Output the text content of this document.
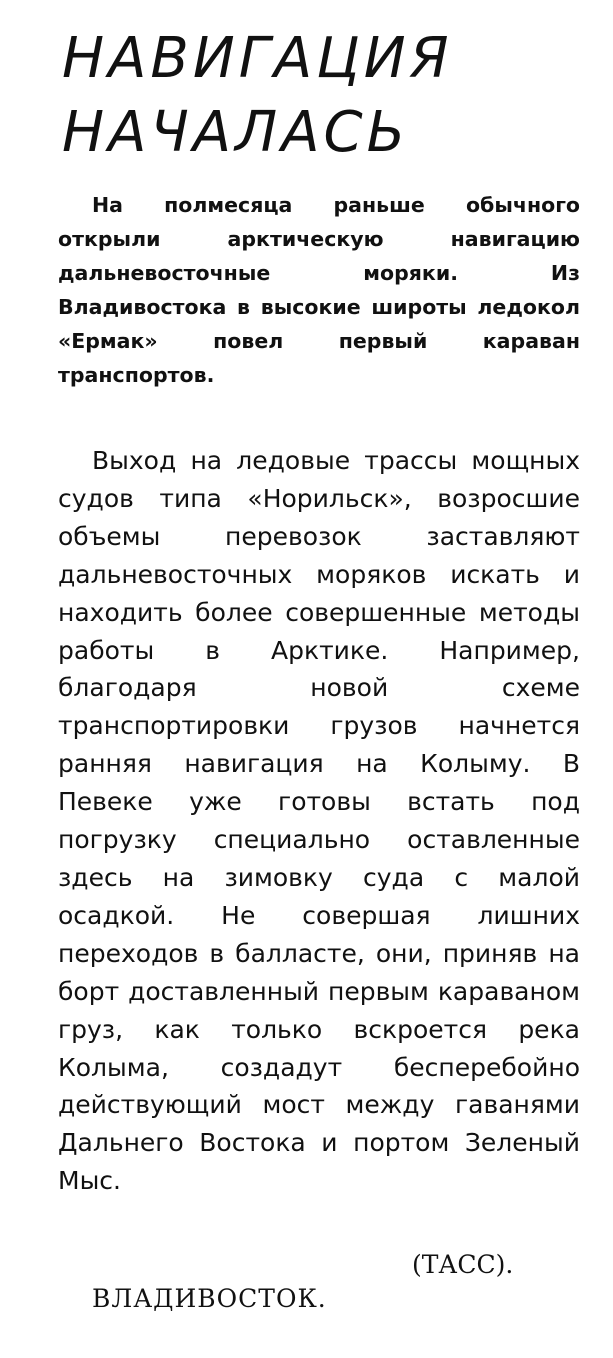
НАВИГАЦИЯ
НАЧАЛАСЬ

На полмесяца раньше обычного открыли арктическую навигацию дальневосточные моряки. Из Владивостока в высокие широты ледокол «Ермак» повел первый караван транспортов.

Выход на ледовые трассы мощных судов типа «Норильск», возросшие объемы перевозок заставляют дальневосточных моряков искать и находить более совершенные методы работы в Арктике. Например, благодаря новой схеме транспортировки грузов начнется ранняя навигация на Колыму. В Певеке уже готовы встать под погрузку специально оставленные здесь на зимовку суда с малой осадкой. Не совершая лишних переходов в балласте, они, приняв на борт доставленный первым караваном груз, как только вскроется река Колыма, создадут бесперебойно действующий мост между гаванями Дальнего Востока и портом Зеленый Мыс.

(ТАСС).
ВЛАДИВОСТОК.
